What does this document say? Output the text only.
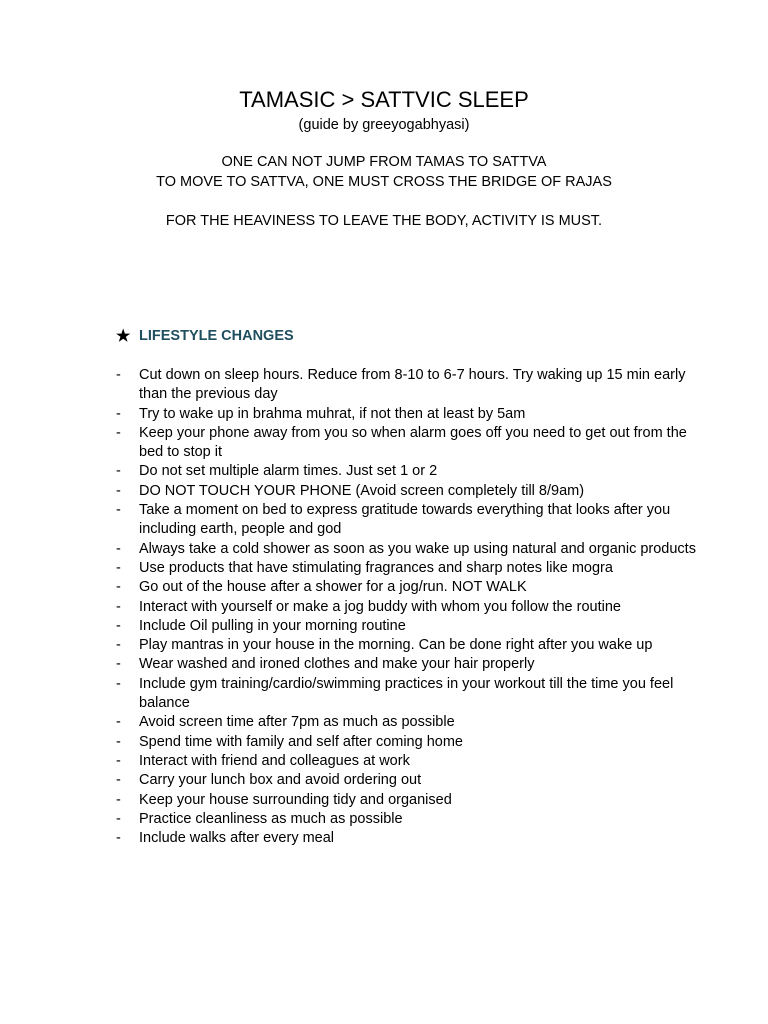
TAMASIC > SATTVIC SLEEP
(guide by greeyogabhyasi)
ONE CAN NOT JUMP FROM TAMAS TO SATTVA
TO MOVE TO SATTVA, ONE MUST CROSS THE BRIDGE OF RAJAS
FOR THE HEAVINESS TO LEAVE THE BODY, ACTIVITY IS MUST.
★ LIFESTYLE CHANGES
-	Cut down on sleep hours. Reduce from 8-10 to 6-7 hours. Try waking up 15 min early than the previous day
-	Try to wake up in brahma muhrat, if not then at least by 5am
-	Keep your phone away from you so when alarm goes off you need to get out from the bed to stop it
-	Do not set multiple alarm times. Just set 1 or 2
-	DO NOT TOUCH YOUR PHONE (Avoid screen completely till 8/9am)
-	Take a moment on bed to express gratitude towards everything that looks after you including earth, people and god
-	Always take a cold shower as soon as you wake up using natural and organic products
-	Use products that have stimulating fragrances and sharp notes like mogra
-	Go out of the house after a shower for a jog/run. NOT WALK
-	Interact with yourself or make a jog buddy with whom you follow the routine
-	Include Oil pulling in your morning routine
-	Play mantras in your house in the morning. Can be done right after you wake up
-	Wear washed and ironed clothes and make your hair properly
-	Include gym training/cardio/swimming practices in your workout till the time you feel balance
-	Avoid screen time after 7pm as much as possible
-	Spend time with family and self after coming home
-	Interact with friend and colleagues at work
-	Carry your lunch box and avoid ordering out
-	Keep your house surrounding tidy and organised
-	Practice cleanliness as much as possible
-	Include walks after every meal
